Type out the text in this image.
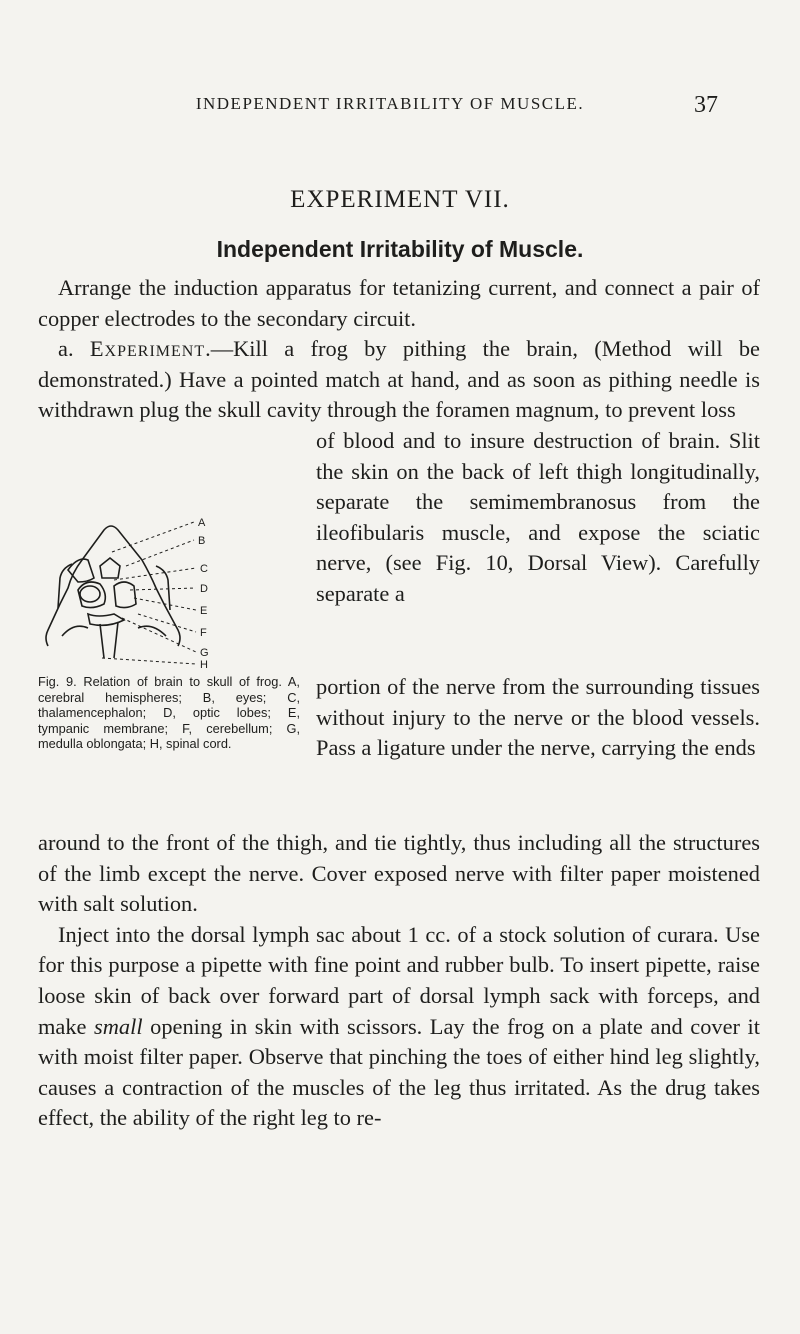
INDEPENDENT IRRITABILITY OF MUSCLE.	37
EXPERIMENT VII.
Independent Irritability of Muscle.
Arrange the induction apparatus for tetanizing current, and connect a pair of copper electrodes to the secondary circuit.
a. Experiment.—Kill a frog by pithing the brain, (Method will be demonstrated.) Have a pointed match at hand, and as soon as pithing needle is withdrawn plug the skull cavity through the foramen magnum, to prevent loss
of blood and to insure destruction of brain. Slit the skin on the back of left thigh longitudinally, separate the semimembranosus from the ileofibularis muscle, and expose the sciatic nerve, (see Fig. 10, Dorsal View). Carefully separate a
A
B
C
D
E
F
G
H
Fig. 9. Relation of brain to skull of frog. A, cerebral hemispheres; B, eyes; C, thalamencephalon; D, optic lobes; E, tympanic membrane; F, cerebellum; G, medulla oblongata; H, spinal cord.
portion of the nerve from the surrounding tissues without injury to the nerve or the blood vessels. Pass a ligature under the nerve, carrying the ends
around to the front of the thigh, and tie tightly, thus including all the structures of the limb except the nerve. Cover exposed nerve with filter paper moistened with salt solution.
Inject into the dorsal lymph sac about 1 cc. of a stock solution of curara. Use for this purpose a pipette with fine point and rubber bulb. To insert pipette, raise loose skin of back over forward part of dorsal lymph sack with forceps, and make small opening in skin with scissors. Lay the frog on a plate and cover it with moist filter paper. Observe that pinching the toes of either hind leg slightly, causes a contraction of the muscles of the leg thus irritated. As the drug takes effect, the ability of the right leg to re-
